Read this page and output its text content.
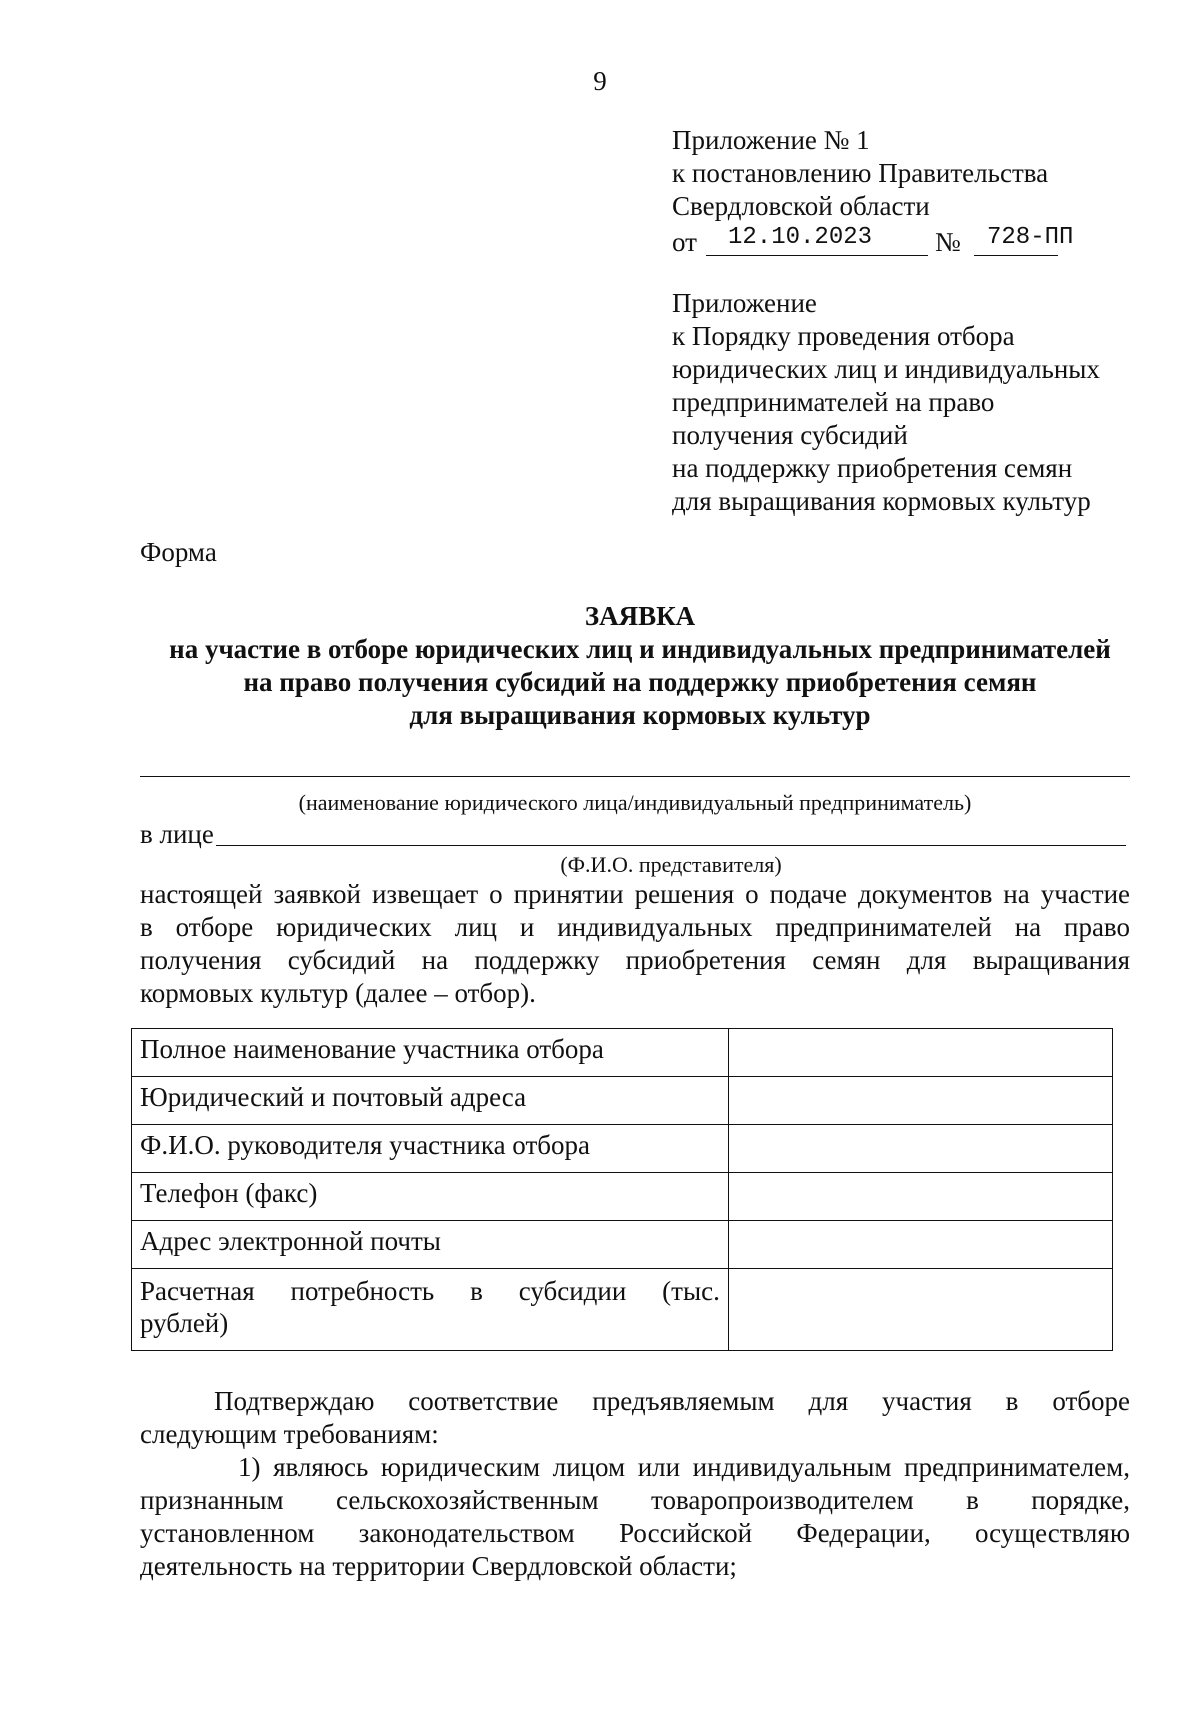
9
Приложение № 1
к постановлению Правительства
Свердловской области
от 12.10.2023 № 728-ПП
Приложение
к Порядку проведения отбора
юридических лиц и индивидуальных
предпринимателей на право
получения субсидий
на поддержку приобретения семян
для выращивания кормовых культур
Форма
ЗАЯВКА
на участие в отборе юридических лиц и индивидуальных предпринимателей
на право получения субсидий на поддержку приобретения семян
для выращивания кормовых культур
(наименование юридического лица/индивидуальный предприниматель)
в лице
(Ф.И.О. представителя)
настоящей заявкой извещает о принятии решения о подаче документов на участие
в отборе юридических лиц и индивидуальных предпринимателей на право
получения субсидий на поддержку приобретения семян для выращивания
кормовых культур (далее – отбор).
Полное наименование участника отбора	
Юридический и почтовый адреса	
Ф.И.О. руководителя участника отбора	
Телефон (факс)	
Адрес электронной почты	

Расчетная потребность в субсидии (тыс.
рублей)	

Подтверждаю соответствие предъявляемым для участия в отборе
следующим требованиям:
1) являюсь юридическим лицом или индивидуальным предпринимателем,
признанным сельскохозяйственным товаропроизводителем в порядке,
установленном законодательством Российской Федерации, осуществляю
деятельность на территории Свердловской области;
